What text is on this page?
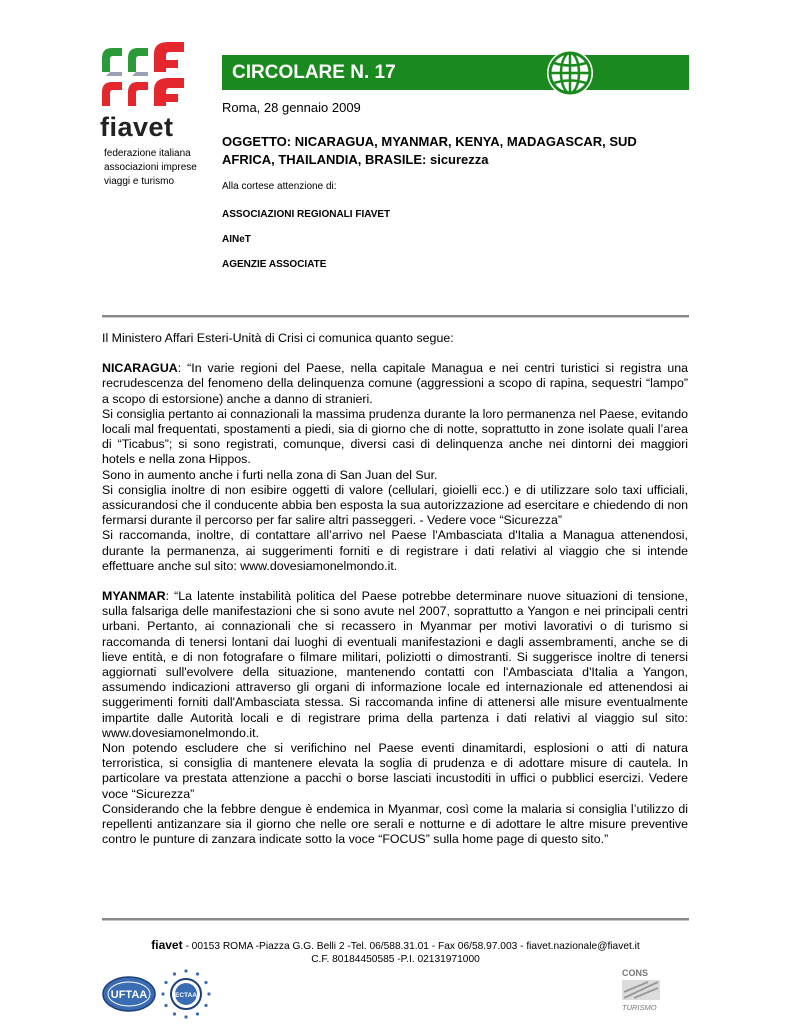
fiavet
federazione italiana
associazioni imprese
viaggi e turismo
CIRCOLARE N. 17
Roma, 28 gennaio 2009
OGGETTO: NICARAGUA, MYANMAR, KENYA, MADAGASCAR, SUD AFRICA, THAILANDIA, BRASILE: sicurezza
Alla cortese attenzione di:
ASSOCIAZIONI REGIONALI FIAVET
AINeT
AGENZIE ASSOCIATE

Il Ministero Affari Esteri-Unità di Crisi ci comunica quanto segue:

NICARAGUA: “In varie regioni del Paese, nella capitale Managua e nei centri turistici si registra una recrudescenza del fenomeno della delinquenza comune (aggressioni a scopo di rapina, sequestri “lampo” a scopo di estorsione) anche a danno di stranieri.

Si consiglia pertanto ai connazionali la massima prudenza durante la loro permanenza nel Paese, evitando locali mal frequentati, spostamenti a piedi, sia di giorno che di notte, soprattutto in zone isolate quali l’area di “Ticabus”; si sono registrati, comunque, diversi casi di delinquenza anche nei dintorni dei maggiori hotels e nella zona Hippos.

Sono in aumento anche i furti nella zona di San Juan del Sur.

Si consiglia inoltre di non esibire oggetti di valore (cellulari, gioielli ecc.) e di utilizzare solo taxi ufficiali, assicurandosi che il conducente abbia ben esposta la sua autorizzazione ad esercitare e chiedendo di non fermarsi durante il percorso per far salire altri passeggeri. - Vedere voce “Sicurezza”

Si raccomanda, inoltre, di contattare all’arrivo nel Paese l'Ambasciata d'Italia a Managua attenendosi, durante la permanenza, ai suggerimenti forniti e di registrare i dati relativi al viaggio che si intende effettuare anche sul sito: www.dovesiamonelmondo.it.

MYANMAR: “La latente instabilità politica del Paese potrebbe determinare nuove situazioni di tensione, sulla falsariga delle manifestazioni che si sono avute nel 2007, soprattutto a Yangon e nei principali centri urbani. Pertanto, ai connazionali che si recassero in Myanmar per motivi lavorativi o di turismo si raccomanda di tenersi lontani dai luoghi di eventuali manifestazioni e dagli assembramenti, anche se di lieve entità, e di non fotografare o filmare militari, poliziotti o dimostranti. Si suggerisce inoltre di tenersi aggiornati sull'evolvere della situazione, mantenendo contatti con l'Ambasciata d'Italia a Yangon, assumendo indicazioni attraverso gli organi di informazione locale ed internazionale ed attenendosi ai suggerimenti forniti dall'Ambasciata stessa. Si raccomanda infine di attenersi alle misure eventualmente impartite dalle Autorità locali e di registrare prima della partenza i dati relativi al viaggio sul sito: www.dovesiamonelmondo.it.

Non potendo escludere che si verifichino nel Paese eventi dinamitardi, esplosioni o atti di natura terroristica, si consiglia di mantenere elevata la soglia di prudenza e di adottare misure di cautela. In particolare va prestata attenzione a pacchi o borse lasciati incustoditi in uffici o pubblici esercizi. Vedere voce “Sicurezza”

Considerando che la febbre dengue è endemica in Myanmar, così come la malaria si consiglia l’utilizzo di repellenti antizanzare sia il giorno che nelle ore serali e notturne e di adottare le altre misure preventive contro le punture di zanzara indicate sotto la voce “FOCUS” sulla home page di questo sito.”

fiavet - 00153 ROMA -Piazza G.G. Belli 2 -Tel. 06/588.31.01 - Fax 06/58.97.003 - fiavet.nazionale@fiavet.it
C.F. 80184450585 -P.I. 02131971000
UFTAA	ECTAA
CONS
TURISMO
